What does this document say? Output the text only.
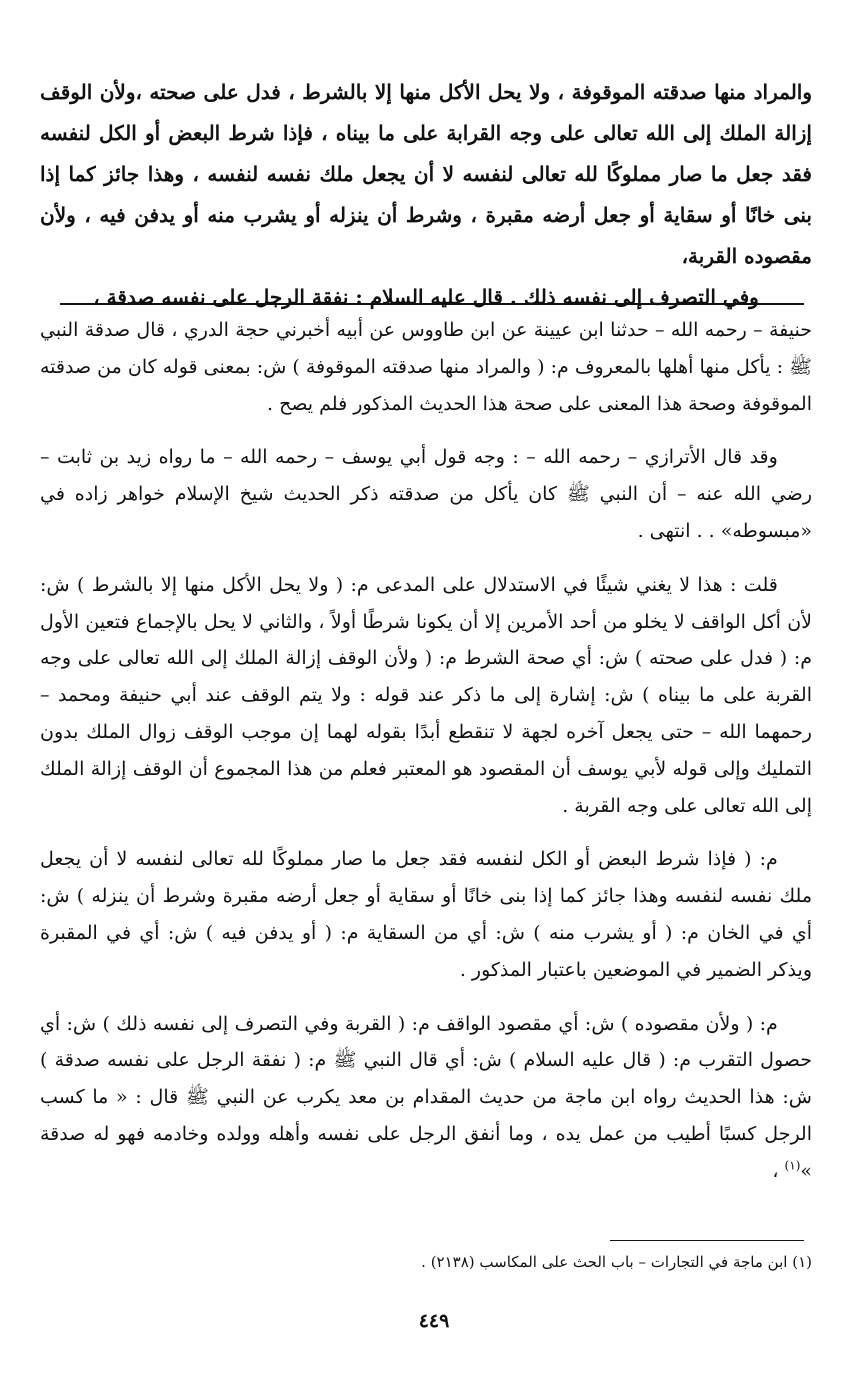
والمراد منها صدقته الموقوفة ، ولا يحل الأكل منها إلا بالشرط ، فدل على صحته ،ولأن الوقف إزالة الملك إلى الله تعالى على وجه القرابة على ما بيناه ، فإذا شرط البعض أو الكل لنفسه فقد جعل ما صار مملوكًا لله تعالى لنفسه لا أن يجعل ملك نفسه لنفسه ، وهذا جائز كما إذا بنى خانًا أو سقاية أو جعل أرضه مقبرة ، وشرط أن ينزله أو يشرب منه أو يدفن فيه ، ولأن مقصوده القربة،
وفي التصرف إلى نفسه ذلك . قال عليه السلام : نفقة الرجل على نفسه صدقة ،

حنيفة – رحمه الله – حدثنا ابن عيينة عن ابن طاووس عن أبيه أخبرني حجة الدري ، قال صدقة النبي ﷺ : يأكل منها أهلها بالمعروف م: ( والمراد منها صدقته الموقوفة ) ش: بمعنى قوله كان من صدقته الموقوفة وصحة هذا المعنى على صحة هذا الحديث المذكور فلم يصح .

وقد قال الأترازي – رحمه الله – : وجه قول أبي يوسف – رحمه الله – ما رواه زيد بن ثابت – رضي الله عنه – أن النبي ﷺ كان يأكل من صدقته ذكر الحديث شيخ الإسلام خواهر زاده في «مبسوطه» . . انتهى .

قلت : هذا لا يغني شيئًا في الاستدلال على المدعى م: ( ولا يحل الأكل منها إلا بالشرط ) ش: لأن أكل الواقف لا يخلو من أحد الأمرين إلا أن يكونا شرطًا أولاً ، والثاني لا يحل بالإجماع فتعين الأول م: ( فدل على صحته ) ش: أي صحة الشرط م: ( ولأن الوقف إزالة الملك إلى الله تعالى على وجه القربة على ما بيناه ) ش: إشارة إلى ما ذكر عند قوله : ولا يتم الوقف عند أبي حنيفة ومحمد – رحمهما الله – حتى يجعل آخره لجهة لا تنقطع أبدًا بقوله لهما إن موجب الوقف زوال الملك بدون التمليك وإلى قوله لأبي يوسف أن المقصود هو المعتبر فعلم من هذا المجموع أن الوقف إزالة الملك إلى الله تعالى على وجه القربة .

م: ( فإذا شرط البعض أو الكل لنفسه فقد جعل ما صار مملوكًا لله تعالى لنفسه لا أن يجعل ملك نفسه لنفسه وهذا جائز كما إذا بنى خانًا أو سقاية أو جعل أرضه مقبرة وشرط أن ينزله ) ش: أي في الخان م: ( أو يشرب منه ) ش: أي من السقاية م: ( أو يدفن فيه ) ش: أي في المقبرة ويذكر الضمير في الموضعين باعتبار المذكور .

م: ( ولأن مقصوده ) ش: أي مقصود الواقف م: ( القربة وفي التصرف إلى نفسه ذلك ) ش: أي حصول التقرب م: ( قال عليه السلام ) ش: أي قال النبي ﷺ م: ( نفقة الرجل على نفسه صدقة ) ش: هذا الحديث رواه ابن ماجة من حديث المقدام بن معد يكرب عن النبي ﷺ قال : « ما كسب الرجل كسبًا أطيب من عمل يده ، وما أنفق الرجل على نفسه وأهله وولده وخادمه فهو له صدقة »$^{(١)}$ ،

(١) ابن ماجة في التجارات – باب الحث على المكاسب (٢١٣٨) .

٤٤٩
